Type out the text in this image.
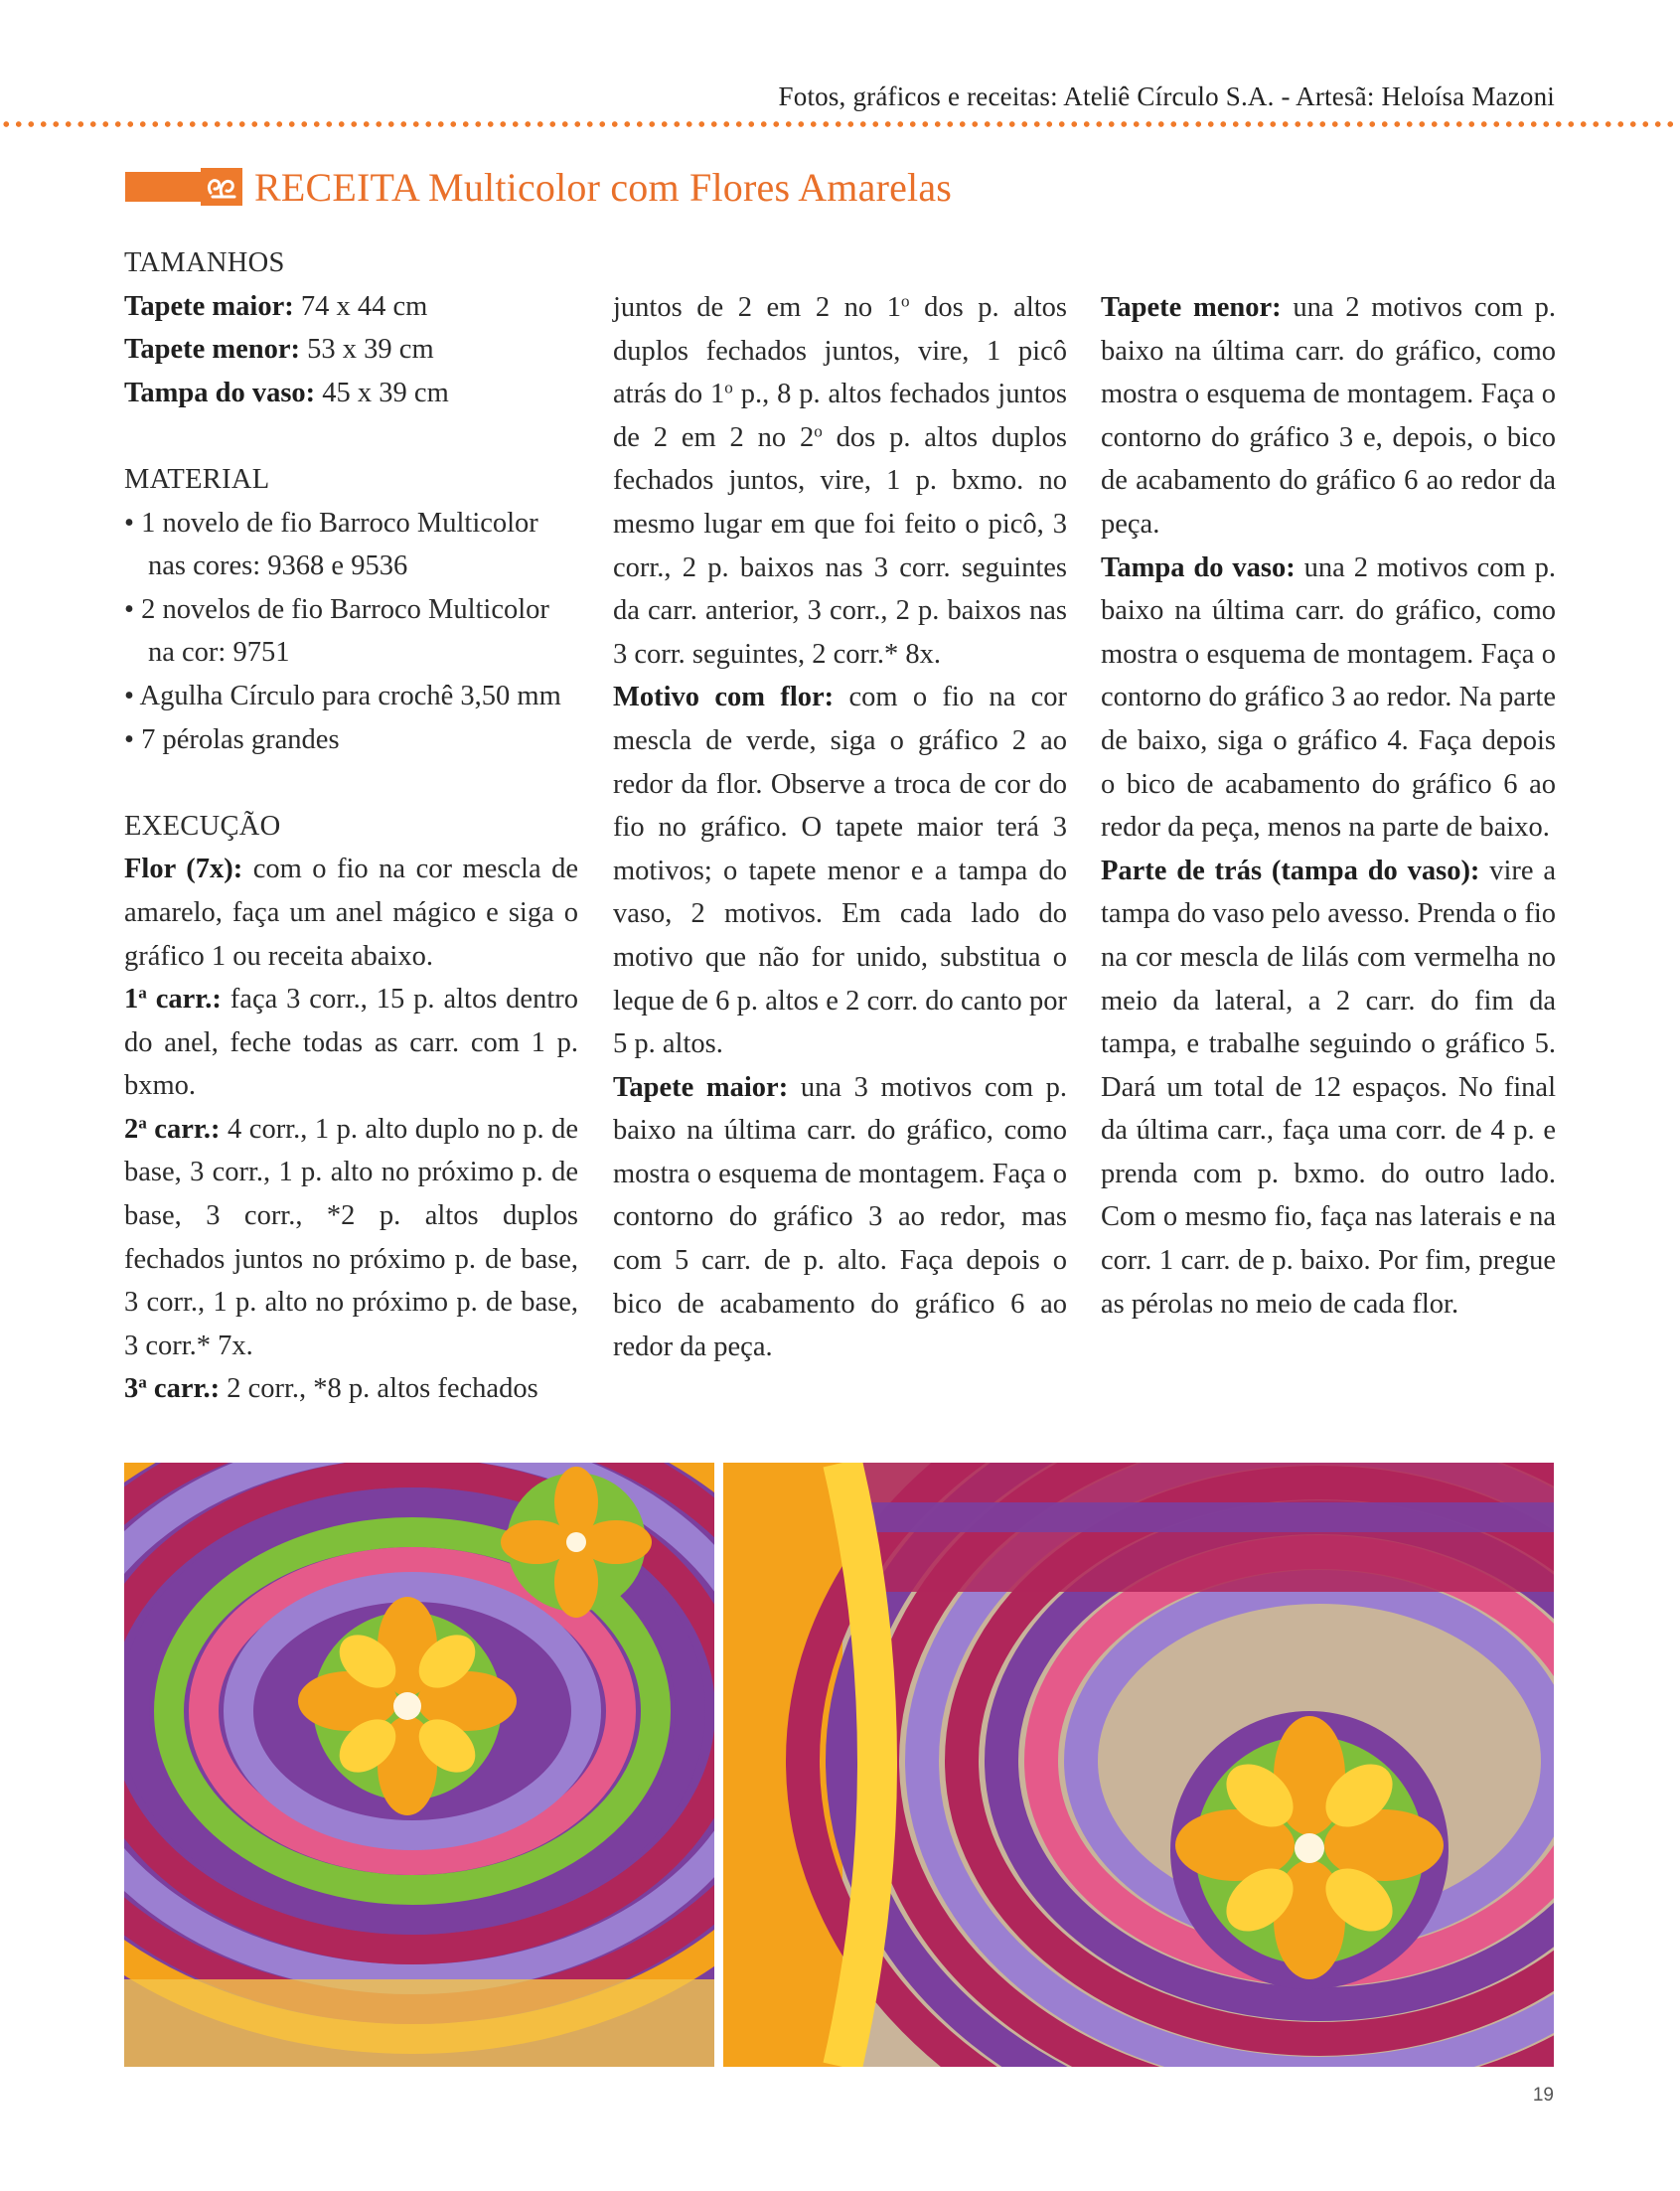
Fotos, gráficos e receitas: Ateliê Círculo S.A. - Artesã: Heloísa Mazoni
RECEITA Multicolor com Flores Amarelas

TAMANHOS

Tapete maior: 74 x 44 cm

Tapete menor: 53 x 39 cm

Tampa do vaso: 45 x 39 cm

MATERIAL

• 1 novelo de fio Barroco Multicolor nas cores: 9368 e 9536

• 2 novelos de fio Barroco Multicolor na cor: 9751

• Agulha Círculo para crochê 3,50 mm

• 7 pérolas grandes

EXECUÇÃO

Flor (7x): com o fio na cor mescla de amarelo, faça um anel mágico e siga o gráfico 1 ou receita abaixo.

1$^a$ carr.: faça 3 corr., 15 p. altos dentro do anel, feche todas as carr. com 1 p. bxmo.

2$^a$ carr.: 4 corr., 1 p. alto duplo no p. de base, 3 corr., 1 p. alto no próximo p. de base, 3 corr., *2 p. altos duplos fechados juntos no próximo p. de base, 3 corr., 1 p. alto no próximo p. de base, 3 corr.* 7x.

3$^a$ carr.: 2 corr., *8 p. altos fechados

juntos de 2 em 2 no 1$^o$ dos p. altos duplos fechados juntos, vire, 1 picô atrás do 1$^o$ p., 8 p. altos fechados juntos de 2 em 2 no 2$^o$ dos p. altos duplos fechados juntos, vire, 1 p. bxmo. no mesmo lugar em que foi feito o picô, 3 corr., 2 p. baixos nas 3 corr. seguintes da carr. anterior, 3 corr., 2 p. baixos nas 3 corr. seguintes, 2 corr.* 8x.

Motivo com flor: com o fio na cor mescla de verde, siga o gráfico 2 ao redor da flor. Observe a troca de cor do fio no gráfico. O tapete maior terá 3 motivos; o tapete menor e a tampa do vaso, 2 motivos. Em cada lado do motivo que não for unido, substitua o leque de 6 p. altos e 2 corr. do canto por 5 p. altos.

Tapete maior: una 3 motivos com p. baixo na última carr. do gráfico, como mostra o esquema de montagem. Faça o contorno do gráfico 3 ao redor, mas com 5 carr. de p. alto. Faça depois o bico de acabamento do gráfico 6 ao redor da peça.

Tapete menor: una 2 motivos com p. baixo na última carr. do gráfico, como mostra o esquema de montagem. Faça o contorno do gráfico 3 e, depois, o bico de acabamento do gráfico 6 ao redor da peça.

Tampa do vaso: una 2 motivos com p. baixo na última carr. do gráfico, como mostra o esquema de montagem. Faça o contorno do gráfico 3 ao redor. Na parte de baixo, siga o gráfico 4. Faça depois o bico de acabamento do gráfico 6 ao redor da peça, menos na parte de baixo.

Parte de trás (tampa do vaso): vire a tampa do vaso pelo avesso. Prenda o fio na cor mescla de lilás com vermelha no meio da lateral, a 2 carr. do fim da tampa, e trabalhe seguindo o gráfico 5. Dará um total de 12 espaços. No final da última carr., faça uma corr. de 4 p. e prenda com p. bxmo. do outro lado. Com o mesmo fio, faça nas laterais e na corr. 1 carr. de p. baixo. Por fim, pregue as pérolas no meio de cada flor.

19
